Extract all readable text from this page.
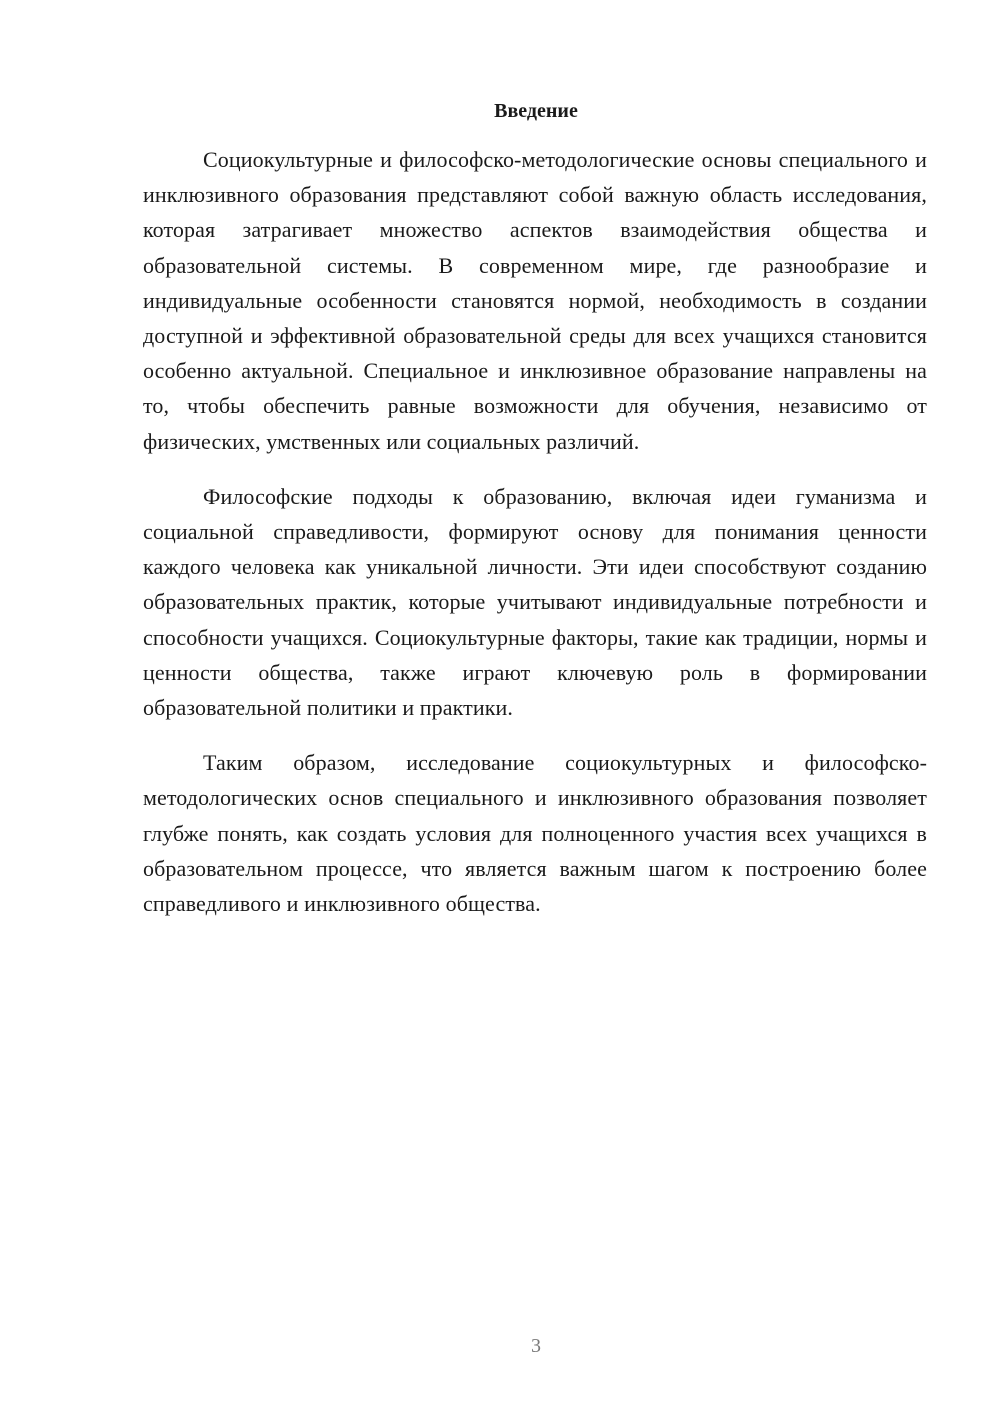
Введение

Социокультурные и философско-методологические основы специального и инклюзивного образования представляют собой важную область исследования, которая затрагивает множество аспектов взаимодействия общества и образовательной системы. В современном мире, где разнообразие и индивидуальные особенности становятся нормой, необходимость в создании доступной и эффективной образовательной среды для всех учащихся становится особенно актуальной. Специальное и инклюзивное образование направлены на то, чтобы обеспечить равные возможности для обучения, независимо от физических, умственных или социальных различий.

Философские подходы к образованию, включая идеи гуманизма и социальной справедливости, формируют основу для понимания ценности каждого человека как уникальной личности. Эти идеи способствуют созданию образовательных практик, которые учитывают индивидуальные потребности и способности учащихся. Социокультурные факторы, такие как традиции, нормы и ценности общества, также играют ключевую роль в формировании образовательной политики и практики.

Таким образом, исследование социокультурных и философско-методологических основ специального и инклюзивного образования позволяет глубже понять, как создать условия для полноценного участия всех учащихся в образовательном процессе, что является важным шагом к построению более справедливого и инклюзивного общества.

3
